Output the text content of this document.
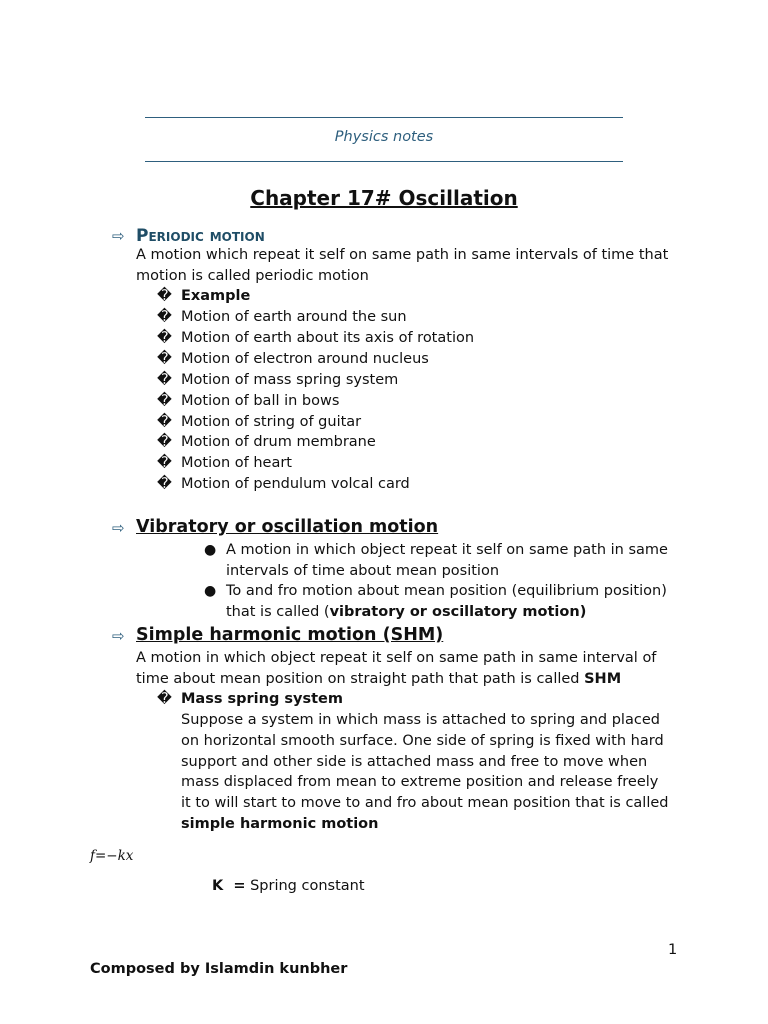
Physics notes
Chapter 17# Oscillation
⇨ Periodic motion
A motion which repeat it self on same path in same intervals of time that motion is called periodic motion
� Example
� Motion of earth around the sun
� Motion of earth about its axis of rotation
� Motion of electron around nucleus
� Motion of mass spring system
� Motion of ball in bows
� Motion of string of guitar
� Motion of drum membrane
� Motion of heart
� Motion of pendulum volcal card
⇨ Vibratory or oscillation motion
● A motion in which object repeat it self on same path in same intervals of time about mean position
● To and fro motion about mean position (equilibrium position) that is called (vibratory or oscillatory motion)
⇨ Simple harmonic motion (SHM)
A motion in which object repeat it self on same path in same interval of time about mean position on straight path that path is called SHM
� Mass spring system
Suppose a system in which mass is attached to spring and placed on horizontal smooth surface. One side of spring is fixed with hard support and other side is attached mass and free to move when mass displaced from mean to extreme position and release freely it to will start to move to and fro about mean position that is called simple harmonic motion
f=−kx
K  = Spring constant
1
Composed by Islamdin kunbher
